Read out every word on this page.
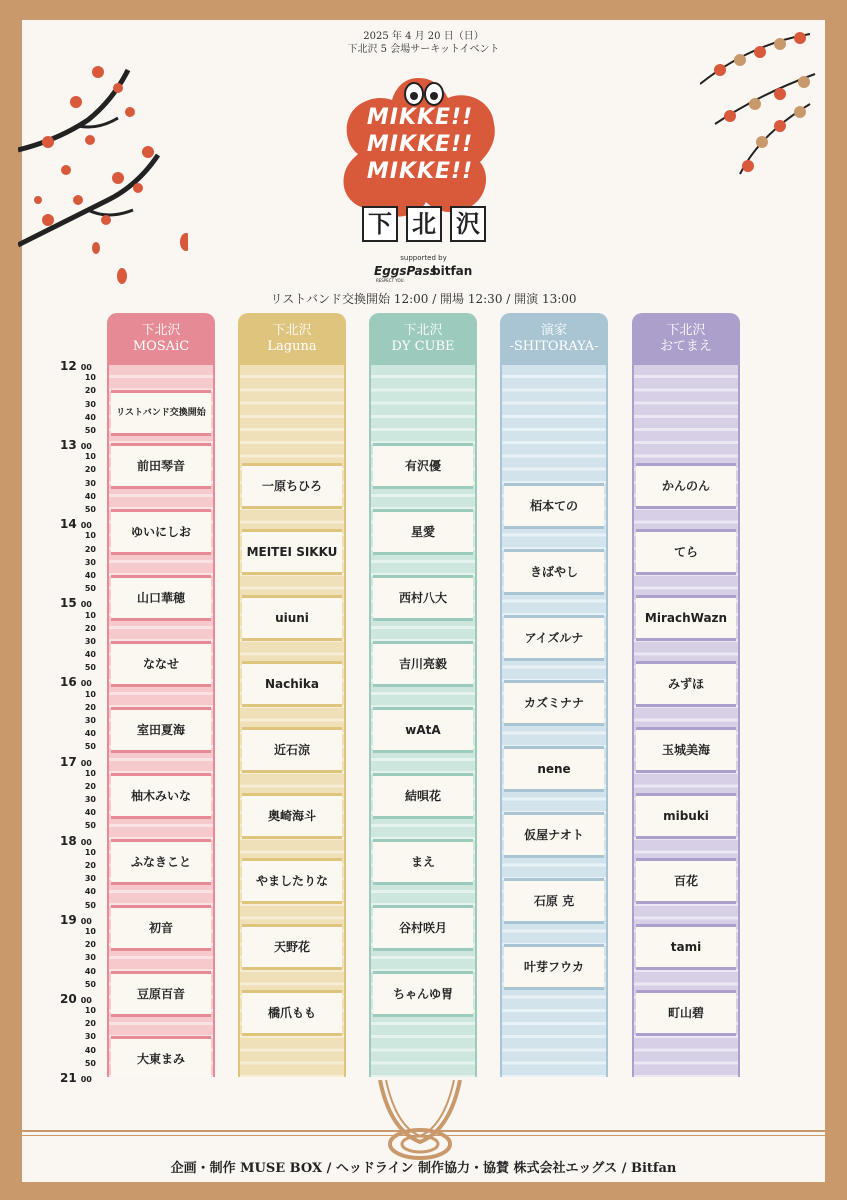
2025 年 4 月 20 日（日）
下北沢 5 会場サーキットイベント
MIKKE!!
MIKKE!!
MIKKE!!
下 北 沢
supported by
EggsPass
RESPECT YOU.
bitfan
リストバンド交換開始 12:00 / 開場 12:30 / 開演 13:00
12 00
10
20
30
40
50
13 00
10
20
30
40
50
14 00
10
20
30
40
50
15 00
10
20
30
40
50
16 00
10
20
30
40
50
17 00
10
20
30
40
50
18 00
10
20
30
40
50
19 00
10
20
30
40
50
20 00
10
20
30
40
50
21 00
下北沢
MOSAiC
リストバンド交換開始
前田琴音
ゆいにしお
山口華穂
ななせ
室田夏海
柚木みいな
ふなきこと
初音
豆原百音
大東まみ
下北沢
Laguna
一原ちひろ
MEITEI SIKKU
uiuni
Nachika
近石涼
奥崎海斗
やましたりな
天野花
橋爪もも
下北沢
DY CUBE
有沢優
星愛
西村八大
吉川亮毅
wAtA
結唄花
まえ
谷村咲月
ちゃんゆ胃
演家
-SHITORAYA-
栢本ての
きばやし
アイズルナ
カズミナナ
nene
仮屋ナオト
石原 克
叶芽フウカ
下北沢
おてまえ
かんのん
てら
MirachWazn
みずほ
玉城美海
mibuki
百花
tami
町山碧
企画・制作 MUSE BOX / ヘッドライン 制作協力・協賛 株式会社エッグス / Bitfan
